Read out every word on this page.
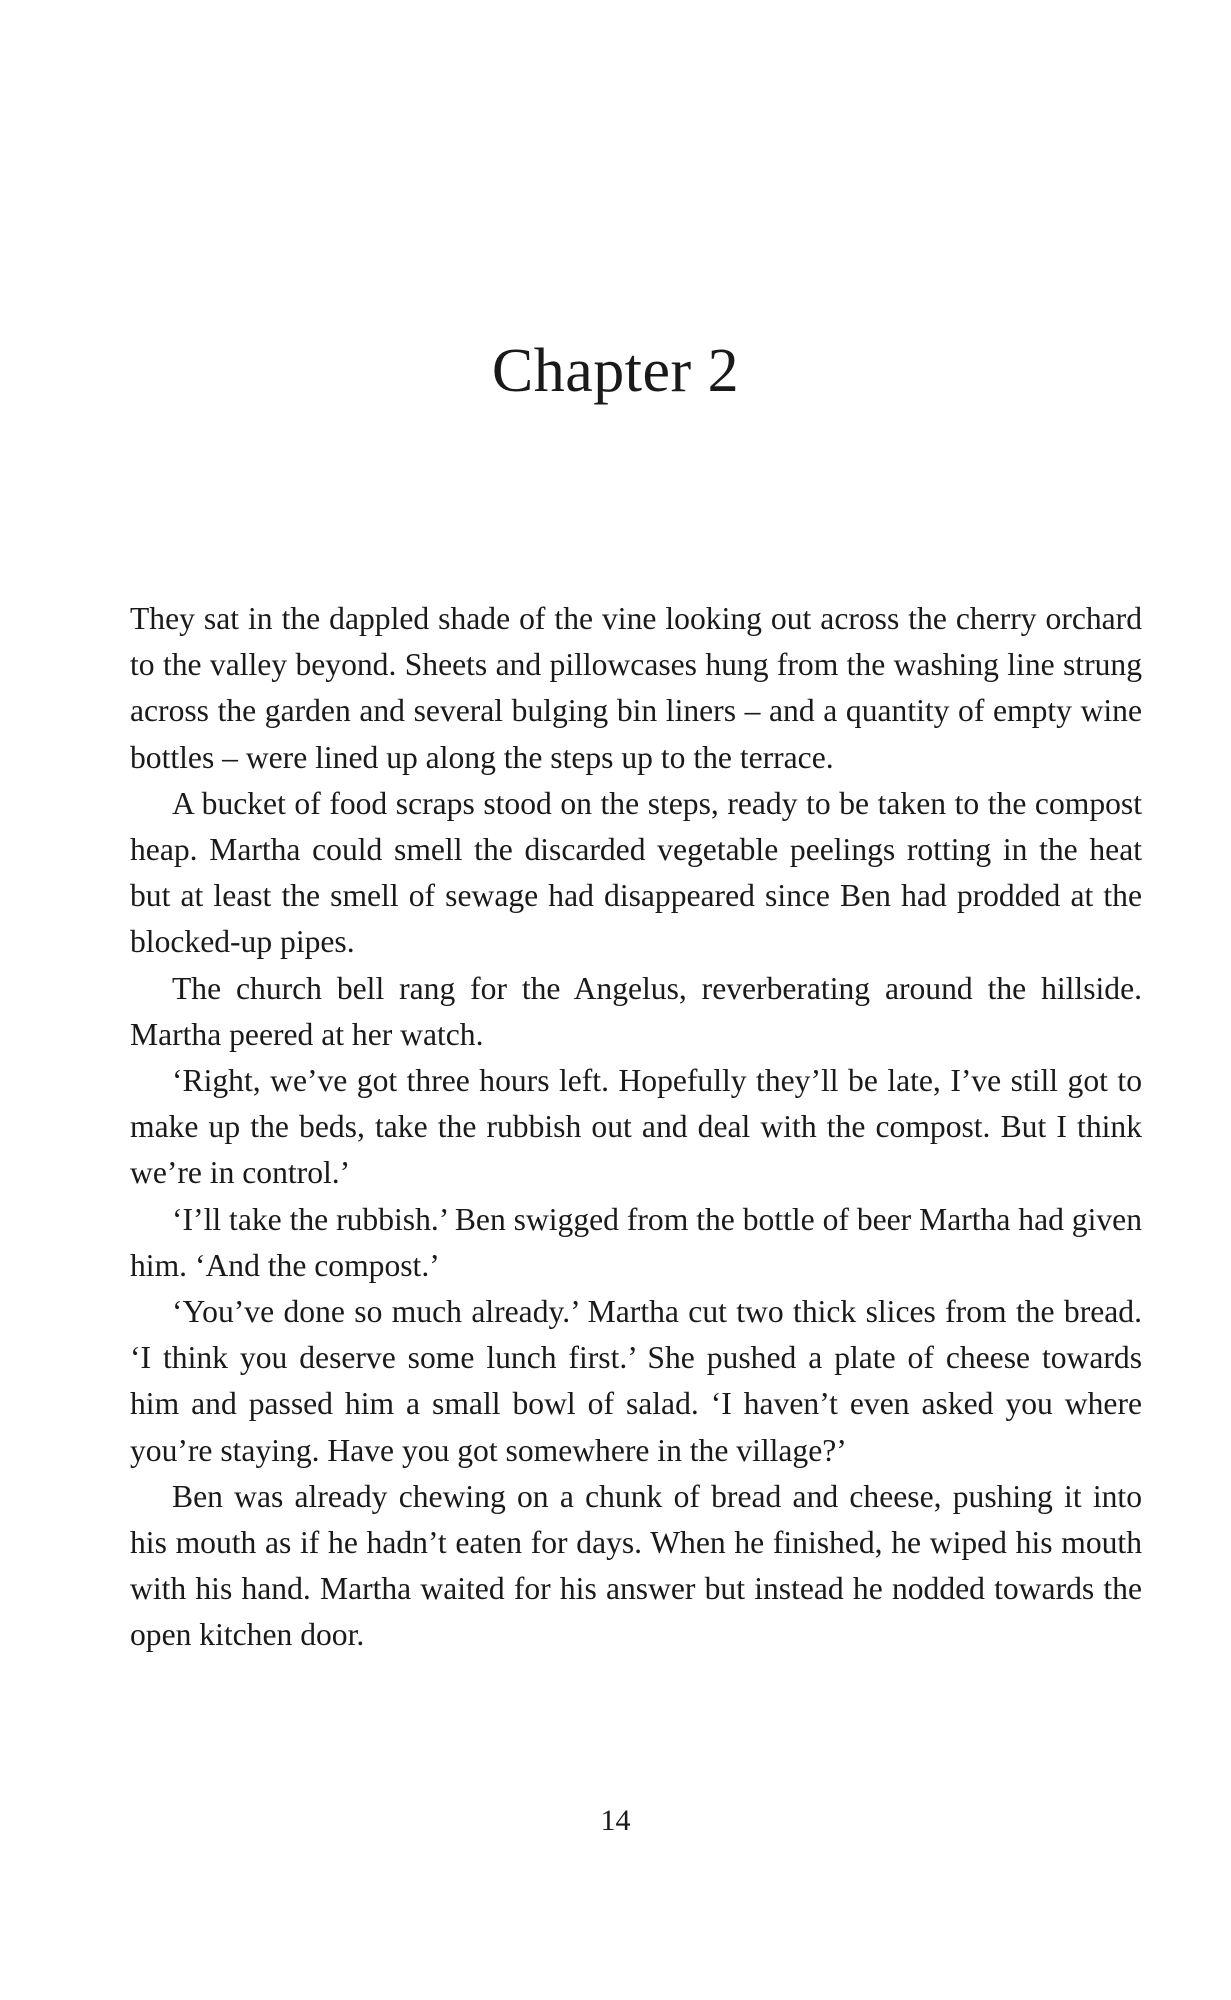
Chapter 2

They sat in the dappled shade of the vine looking out across the cherry orchard to the valley beyond. Sheets and pillowcases hung from the washing line strung across the garden and several bulging bin liners – and a quantity of empty wine bottles – were lined up along the steps up to the terrace.

A bucket of food scraps stood on the steps, ready to be taken to the compost heap. Martha could smell the discarded vegetable peelings rotting in the heat but at least the smell of sewage had disappeared since Ben had prodded at the blocked-up pipes.

The church bell rang for the Angelus, reverberating around the hillside. Martha peered at her watch.

‘Right, we’ve got three hours left. Hopefully they’ll be late, I’ve still got to make up the beds, take the rubbish out and deal with the compost. But I think we’re in control.’

‘I’ll take the rubbish.’ Ben swigged from the bottle of beer Martha had given him. ‘And the compost.’

‘You’ve done so much already.’ Martha cut two thick slices from the bread. ‘I think you deserve some lunch first.’ She pushed a plate of cheese towards him and passed him a small bowl of salad. ‘I haven’t even asked you where you’re staying. Have you got somewhere in the village?’

Ben was already chewing on a chunk of bread and cheese, pushing it into his mouth as if he hadn’t eaten for days. When he finished, he wiped his mouth with his hand. Martha waited for his answer but instead he nodded towards the open kitchen door.

14
